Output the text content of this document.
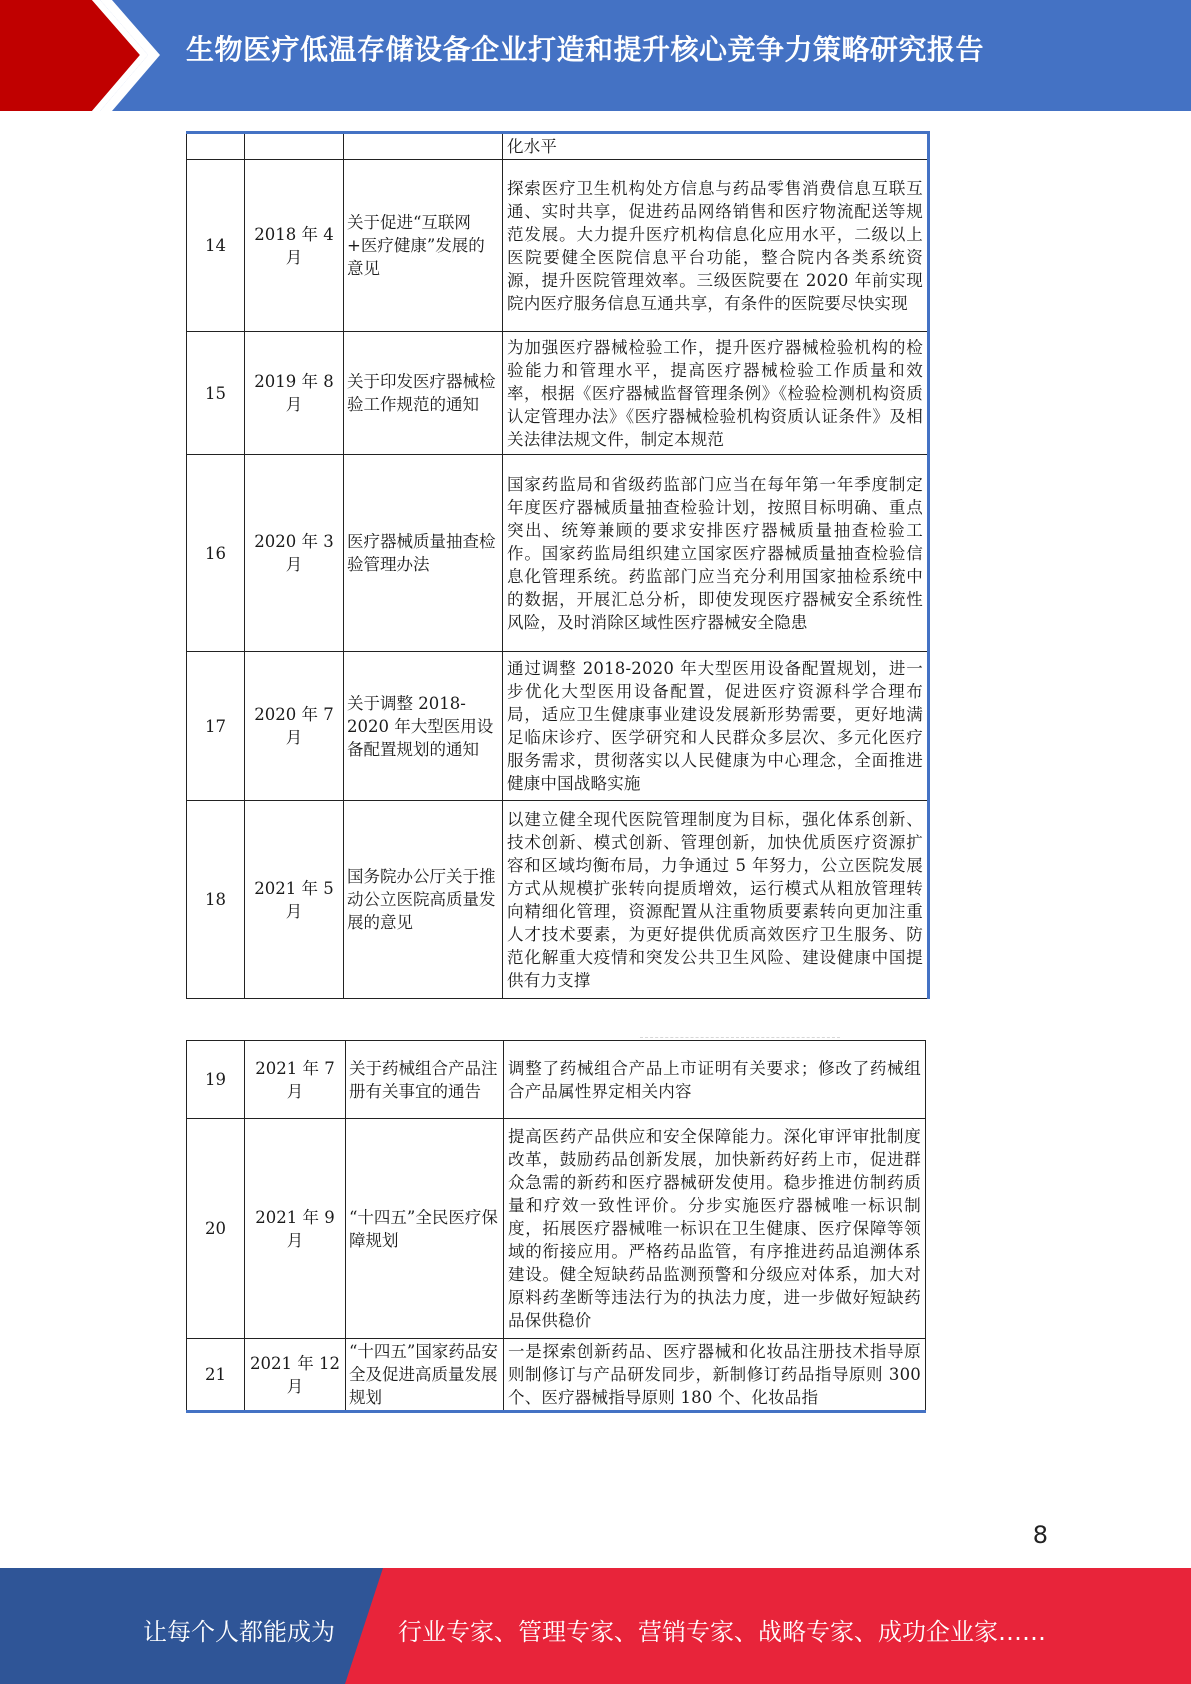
生物医疗低温存储设备企业打造和提升核心竞争力策略研究报告
			化水平
14	2018 年 4 月	关于促进“互联网+医疗健康”发展的意见	探索医疗卫生机构处方信息与药品零售消费信息互联互通、实时共享，促进药品网络销售和医疗物流配送等规范发展。大力提升医疗机构信息化应用水平，二级以上医院要健全医院信息平台功能，整合院内各类系统资源，提升医院管理效率。三级医院要在 2020 年前实现院内医疗服务信息互通共享，有条件的医院要尽快实现
15	2019 年 8 月	关于印发医疗器械检验工作规范的通知	为加强医疗器械检验工作，提升医疗器械检验机构的检验能力和管理水平，提高医疗器械检验工作质量和效率，根据《医疗器械监督管理条例》《检验检测机构资质认定管理办法》《医疗器械检验机构资质认证条件》及相关法律法规文件，制定本规范
16	2020 年 3 月	医疗器械质量抽查检验管理办法	国家药监局和省级药监部门应当在每年第一年季度制定年度医疗器械质量抽查检验计划，按照目标明确、重点突出、统筹兼顾的要求安排医疗器械质量抽查检验工作。国家药监局组织建立国家医疗器械质量抽查检验信息化管理系统。药监部门应当充分利用国家抽检系统中的数据，开展汇总分析，即使发现医疗器械安全系统性风险，及时消除区域性医疗器械安全隐患
17	2020 年 7 月	关于调整 2018-2020 年大型医用设备配置规划的通知	通过调整 2018-2020 年大型医用设备配置规划，进一步优化大型医用设备配置，促进医疗资源科学合理布局，适应卫生健康事业建设发展新形势需要，更好地满足临床诊疗、医学研究和人民群众多层次、多元化医疗服务需求，贯彻落实以人民健康为中心理念，全面推进健康中国战略实施
18	2021 年 5 月	国务院办公厅关于推动公立医院高质量发展的意见	以建立健全现代医院管理制度为目标，强化体系创新、技术创新、模式创新、管理创新，加快优质医疗资源扩容和区域均衡布局，力争通过 5 年努力，公立医院发展方式从规模扩张转向提质增效，运行模式从粗放管理转向精细化管理，资源配置从注重物质要素转向更加注重人才技术要素，为更好提供优质高效医疗卫生服务、防范化解重大疫情和突发公共卫生风险、建设健康中国提供有力支撑
19	2021 年 7 月	关于药械组合产品注册有关事宜的通告	调整了药械组合产品上市证明有关要求；修改了药械组合产品属性界定相关内容
20	2021 年 9 月	“十四五”全民医疗保障规划	提高医药产品供应和安全保障能力。深化审评审批制度改革，鼓励药品创新发展，加快新药好药上市，促进群众急需的新药和医疗器械研发使用。稳步推进仿制药质量和疗效一致性评价。分步实施医疗器械唯一标识制度，拓展医疗器械唯一标识在卫生健康、医疗保障等领域的衔接应用。严格药品监管，有序推进药品追溯体系建设。健全短缺药品监测预警和分级应对体系，加大对原料药垄断等违法行为的执法力度，进一步做好短缺药品保供稳价
21	2021 年 12 月	“十四五”国家药品安全及促进高质量发展规划	一是探索创新药品、医疗器械和化妆品注册技术指导原则制修订与产品研发同步，新制修订药品指导原则 300 个、医疗器械指导原则 180 个、化妆品指
8
让每个人都能成为	行业专家、管理专家、营销专家、战略专家、成功企业家……
